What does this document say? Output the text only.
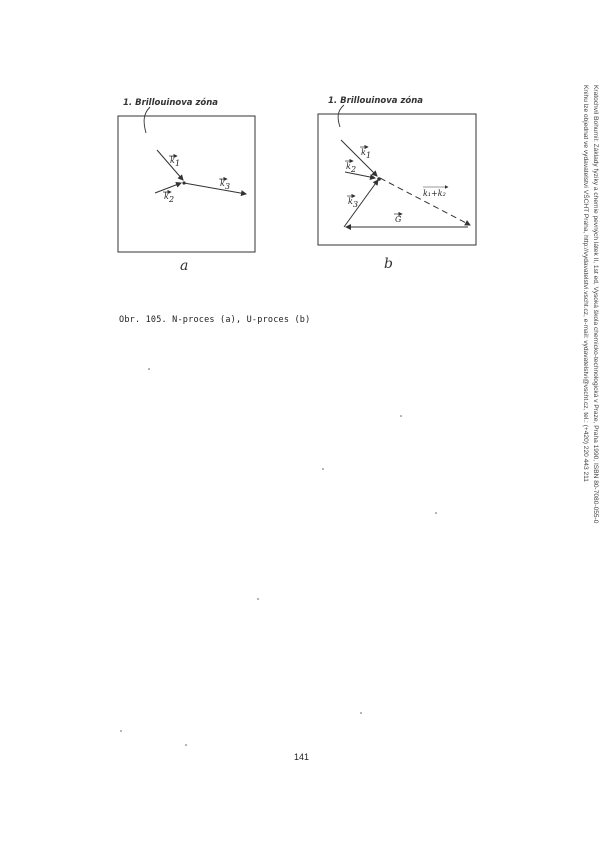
1. Brillouinova zóna	1. Brillouinova zóna
k 1
k 2
k 3
k 1
k 2
k 3
k₁+k₂
G
a	b
Obr. 105. N-proces (a), U-proces (b)
141
Kratochvíl Bohumil: Základy fyziky a chemie pevných látek II, 1st ed, Vysoká škola chemicko-technologická v Praze, Praha 1990, ISBN 80-7080-055-0
Knihu lze objednat ve vydavatelství VŠCHT Praha, http://vydavatelstvi.vscht.cz, e-mail: vydavatelstvi@vscht.cz, tel.: (+420) 220 443 211
